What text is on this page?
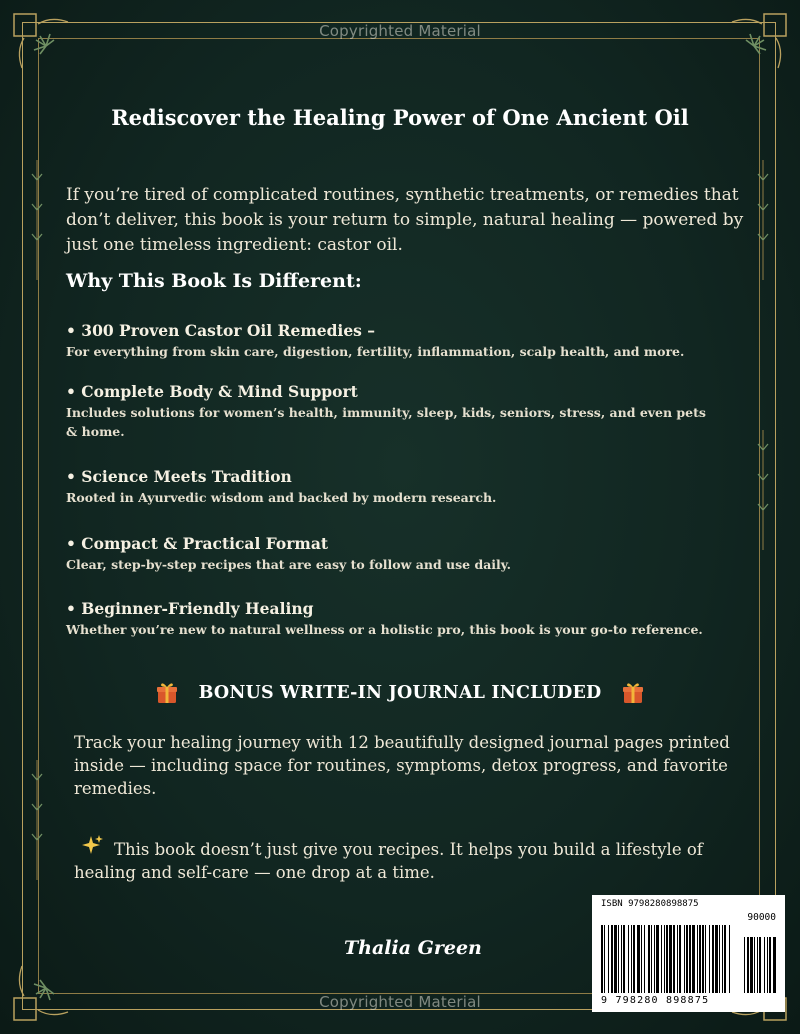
Copyrighted Material
Copyrighted Material
Rediscover the Healing Power of One Ancient Oil

If you’re tired of complicated routines, synthetic treatments, or remedies that don’t deliver, this book is your return to simple, natural healing — powered by just one timeless ingredient: castor oil.

Why This Book Is Different:
• 300 Proven Castor Oil Remedies –
For everything from skin care, digestion, fertility, inflammation, scalp health, and more.
• Complete Body & Mind Support
Includes solutions for women’s health, immunity, sleep, kids, seniors, stress, and even pets & home.
• Science Meets Tradition
Rooted in Ayurvedic wisdom and backed by modern research.
• Compact & Practical Format
Clear, step-by-step recipes that are easy to follow and use daily.
• Beginner-Friendly Healing
Whether you’re new to natural wellness or a holistic pro, this book is your go-to reference.
BONUS WRITE-IN JOURNAL INCLUDED

Track your healing journey with 12 beautifully designed journal pages printed inside — including space for routines, symptoms, detox progress, and favorite remedies.

This book doesn’t just give you recipes. It helps you build a lifestyle of healing and self-care — one drop at a time.

Thalia Green

ISBN 9798280898875
90000
9 798280 898875
